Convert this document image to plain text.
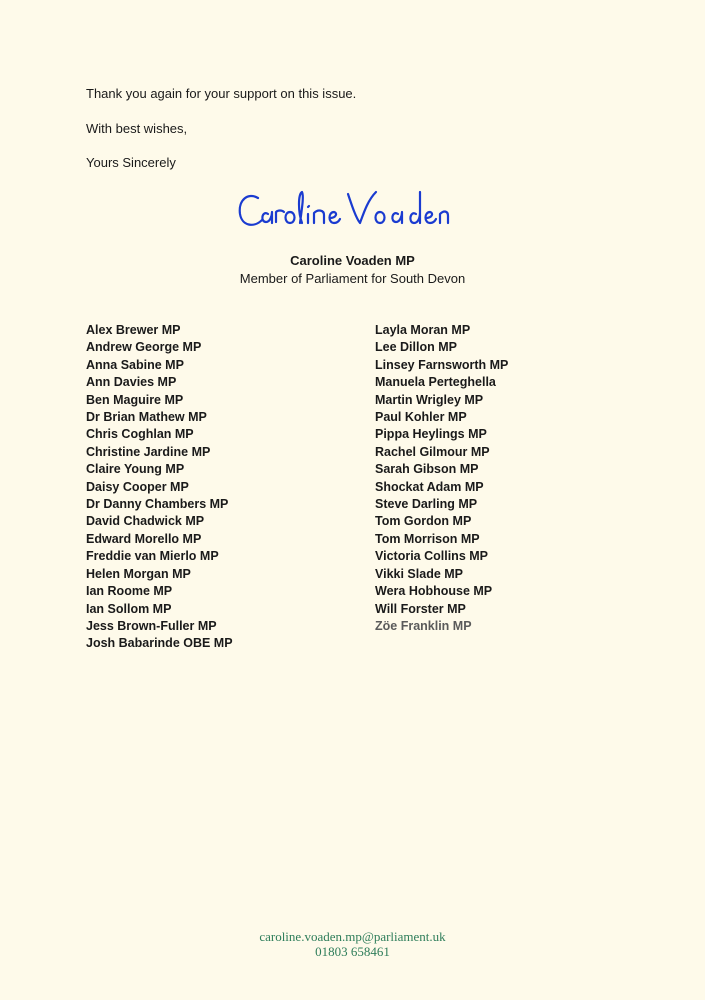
Thank you again for your support on this issue.

With best wishes,

Yours Sincerely

Caroline Voaden MP
Member of Parliament for South Devon
Alex Brewer MP
Andrew George MP
Anna Sabine MP
Ann Davies MP
Ben Maguire MP
Dr Brian Mathew MP
Chris Coghlan MP
Christine Jardine MP
Claire Young MP
Daisy Cooper MP
Dr Danny Chambers MP
David Chadwick MP
Edward Morello MP
Freddie van Mierlo MP
Helen Morgan MP
Ian Roome MP
Ian Sollom MP
Jess Brown-Fuller MP
Josh Babarinde OBE MP
Layla Moran MP
Lee Dillon MP
Linsey Farnsworth MP
Manuela Perteghella
Martin Wrigley MP
Paul Kohler MP
Pippa Heylings MP
Rachel Gilmour MP
Sarah Gibson MP
Shockat Adam MP
Steve Darling MP
Tom Gordon MP
Tom Morrison MP
Victoria Collins MP
Vikki Slade MP
Wera Hobhouse MP
Will Forster MP
Zöe Franklin MP
caroline.voaden.mp@parliament.uk
01803 658461
